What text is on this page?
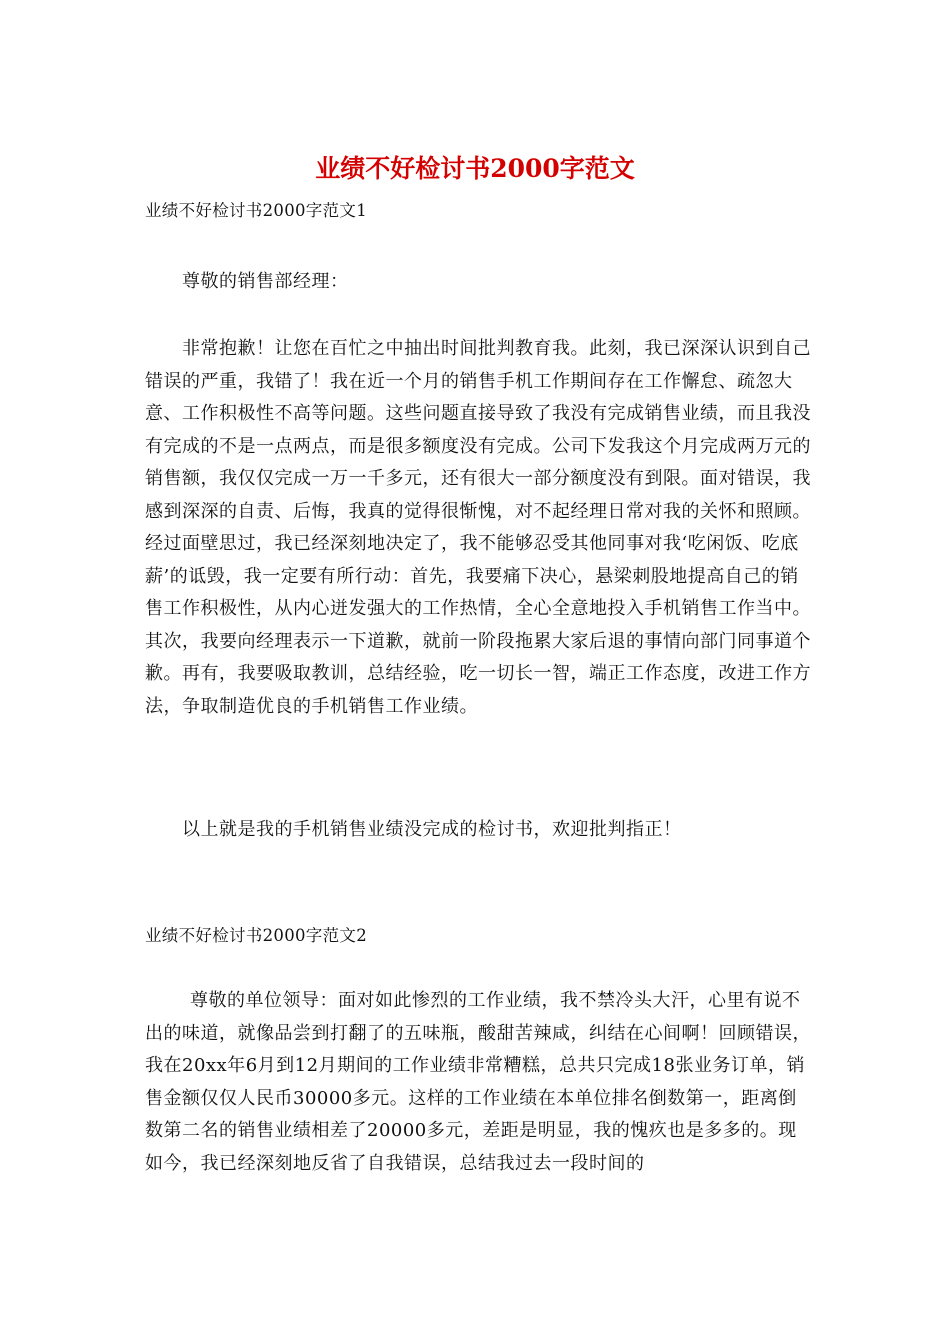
业绩不好检讨书2000字范文

业绩不好检讨书2000字范文1

尊敬的销售部经理：

非常抱歉！让您在百忙之中抽出时间批判教育我。此刻，我已深深认识到自己错误的严重，我错了！我在近一个月的销售手机工作期间存在工作懈怠、疏忽大意、工作积极性不高等问题。这些问题直接导致了我没有完成销售业绩，而且我没有完成的不是一点两点，而是很多额度没有完成。公司下发我这个月完成两万元的销售额，我仅仅完成一万一千多元，还有很大一部分额度没有到限。面对错误，我感到深深的自责、后悔，我真的觉得很惭愧，对不起经理日常对我的关怀和照顾。经过面壁思过，我已经深刻地决定了，我不能够忍受其他同事对我‘吃闲饭、吃底薪’的诋毁，我一定要有所行动：首先，我要痛下决心，悬梁刺股地提高自己的销售工作积极性，从内心迸发强大的工作热情，全心全意地投入手机销售工作当中。其次，我要向经理表示一下道歉，就前一阶段拖累大家后退的事情向部门同事道个歉。再有，我要吸取教训，总结经验，吃一切长一智，端正工作态度，改进工作方法，争取制造优良的手机销售工作业绩。

以上就是我的手机销售业绩没完成的检讨书，欢迎批判指正！

业绩不好检讨书2000字范文2

尊敬的单位领导：面对如此惨烈的工作业绩，我不禁冷头大汗，心里有说不出的味道，就像品尝到打翻了的五味瓶，酸甜苦辣咸，纠结在心间啊！回顾错误，我在20xx年6月到12月期间的工作业绩非常糟糕，总共只完成18张业务订单，销售金额仅仅人民币30000多元。这样的工作业绩在本单位排名倒数第一，距离倒数第二名的销售业绩相差了20000多元，差距是明显，我的愧疚也是多多的。现如今，我已经深刻地反省了自我错误，总结我过去一段时间的
